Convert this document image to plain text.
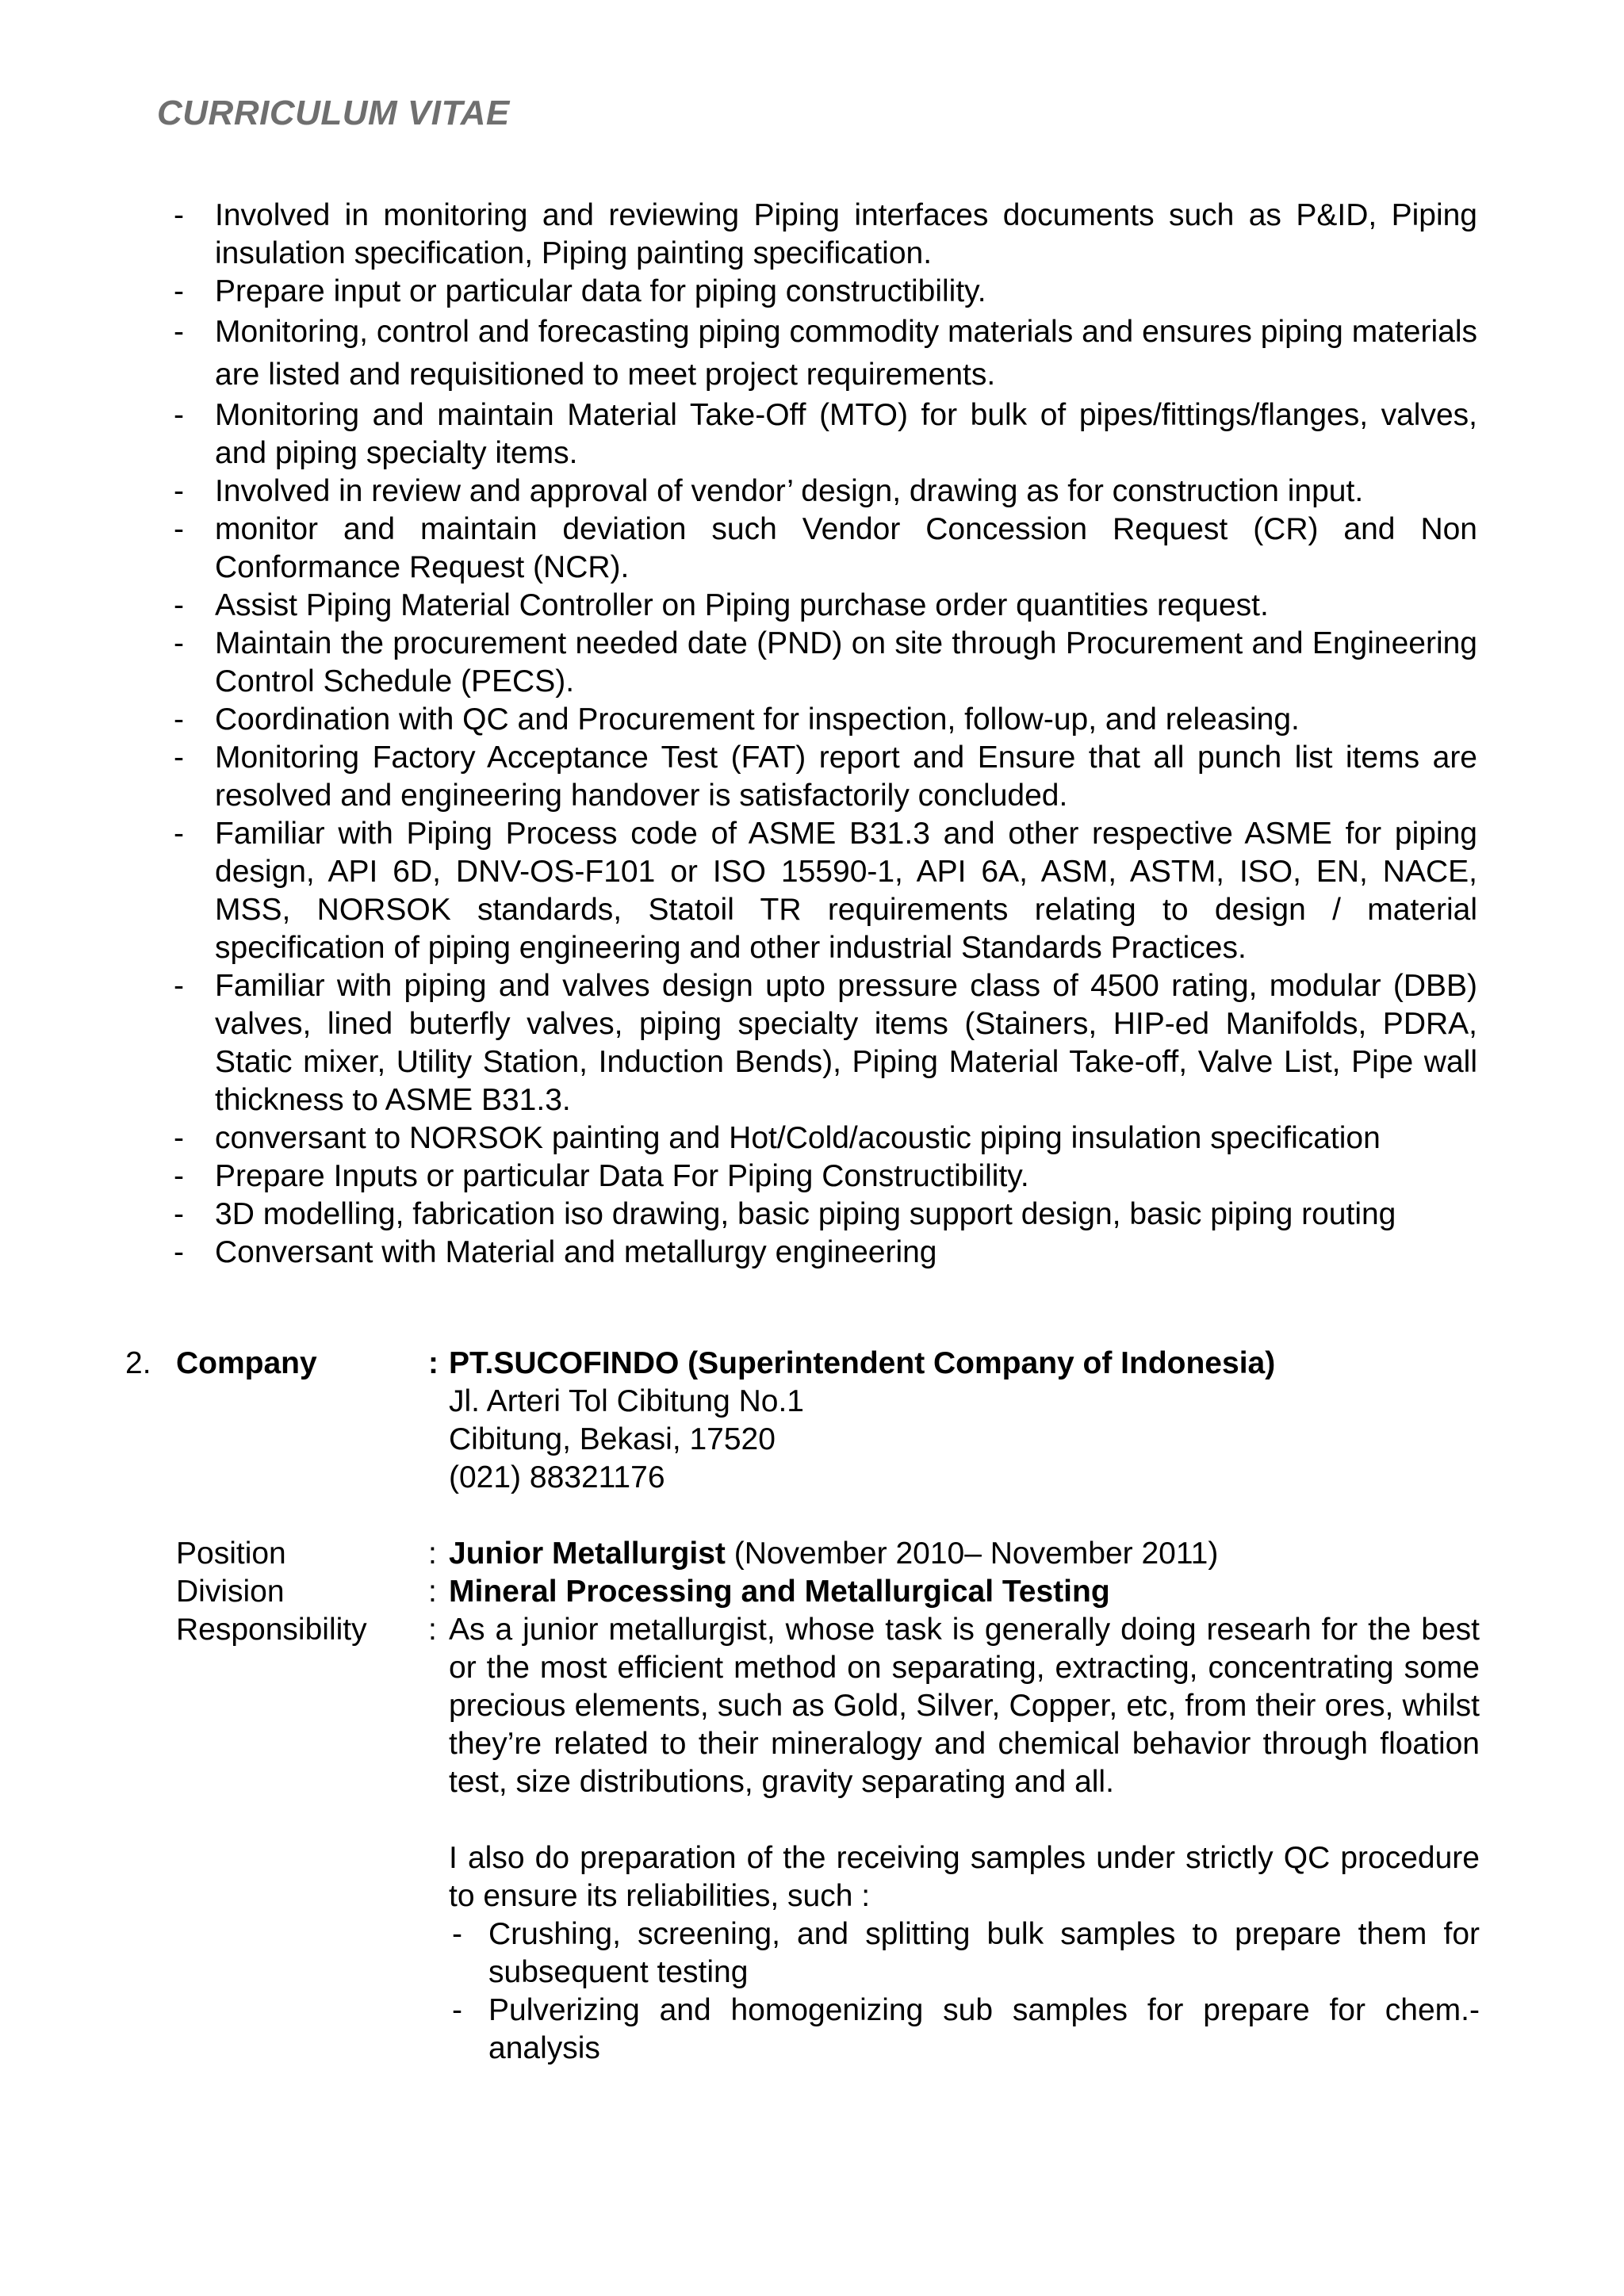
CURRICULUM VITAE
- Involved in monitoring and reviewing Piping interfaces documents such as P&ID, Piping insulation specification, Piping painting specification.
- Prepare input or particular data for piping constructibility.
- Monitoring, control and forecasting piping commodity materials and ensures piping materials are listed and requisitioned to meet project requirements.
- Monitoring and maintain Material Take-Off (MTO) for bulk of pipes/fittings/flanges, valves, and piping specialty items.
- Involved in review and approval of vendor’ design, drawing as for construction input.
- monitor and maintain deviation such Vendor Concession Request (CR) and Non Conformance Request (NCR).
- Assist Piping Material Controller on Piping purchase order quantities request.
- Maintain the procurement needed date (PND) on site through Procurement and Engineering Control Schedule (PECS).
- Coordination with QC and Procurement for inspection, follow-up, and releasing.
- Monitoring Factory Acceptance Test (FAT) report and Ensure that all punch list items are resolved and engineering handover is satisfactorily concluded.
- Familiar with Piping Process code of ASME B31.3 and other respective ASME for piping design, API 6D, DNV-OS-F101 or ISO 15590-1, API 6A, ASM, ASTM, ISO, EN, NACE, MSS, NORSOK standards, Statoil TR requirements relating to design / material specification of piping engineering and other industrial Standards Practices.
- Familiar with piping and valves design upto pressure class of 4500 rating, modular (DBB) valves, lined buterfly valves, piping specialty items (Stainers, HIP-ed Manifolds, PDRA, Static mixer, Utility Station, Induction Bends), Piping Material Take-off, Valve List, Pipe wall thickness to ASME B31.3.
- conversant to NORSOK painting and Hot/Cold/acoustic piping insulation specification
- Prepare Inputs or particular Data For Piping Constructibility.
- 3D modelling, fabrication iso drawing, basic piping support design, basic piping routing
- Conversant with Material and metallurgy engineering
2. Company	: PT.SUCOFINDO (Superintendent Company of Indonesia)
Jl. Arteri Tol Cibitung No.1
Cibitung, Bekasi, 17520
(021) 88321176
Position	: Junior Metallurgist (November 2010– November 2011)
Division	: Mineral Processing and Metallurgical Testing
Responsibility : As a junior metallurgist, whose task is generally doing researh for the best or the most efficient method on separating, extracting, concentrating some precious elements, such as Gold, Silver, Copper, etc, from their ores, whilst they’re related to their mineralogy and chemical behavior through floation test, size distributions, gravity separating and all.
I also do preparation of the receiving samples under strictly QC procedure to ensure its reliabilities, such :
- Crushing, screening, and splitting bulk samples to prepare them for subsequent testing
- Pulverizing and homogenizing sub samples for prepare for chem.-analysis
